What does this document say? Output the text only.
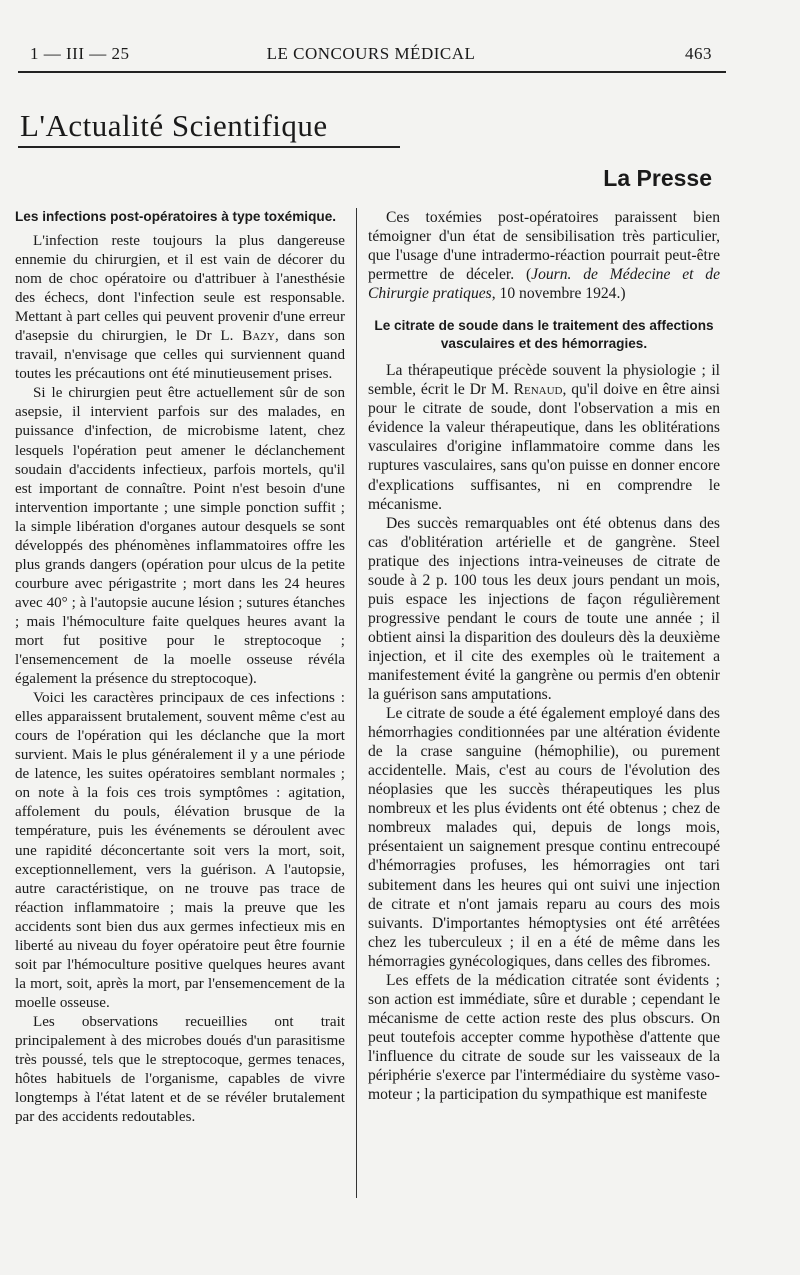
1 — III — 25	LE CONCOURS MÉDICAL	463
L'Actualité Scientifique
La Presse
Les infections post-opératoires à type toxémique.

L'infection reste toujours la plus dangereuse ennemie du chirurgien, et il est vain de décorer du nom de choc opératoire ou d'attribuer à l'anesthésie des échecs, dont l'infection seule est responsable. Mettant à part celles qui peuvent provenir d'une erreur d'asepsie du chirurgien, le Dr L. Bazy, dans son travail, n'envisage que celles qui surviennent quand toutes les précautions ont été minutieusement prises.

Si le chirurgien peut être actuellement sûr de son asepsie, il intervient parfois sur des malades, en puissance d'infection, de microbisme latent, chez lesquels l'opération peut amener le déclanchement soudain d'accidents infectieux, parfois mortels, qu'il est important de connaître. Point n'est besoin d'une intervention importante ; une simple ponction suffit ; la simple libération d'organes autour desquels se sont développés des phénomènes inflammatoires offre les plus grands dangers (opération pour ulcus de la petite courbure avec périgastrite ; mort dans les 24 heures avec 40° ; à l'autopsie aucune lésion ; sutures étanches ; mais l'hémoculture faite quelques heures avant la mort fut positive pour le streptocoque ; l'ensemencement de la moelle osseuse révéla également la présence du streptocoque).

Voici les caractères principaux de ces infections : elles apparaissent brutalement, souvent même c'est au cours de l'opération qui les déclanche que la mort survient. Mais le plus généralement il y a une période de latence, les suites opératoires semblant normales ; on note à la fois ces trois symptômes : agitation, affolement du pouls, élévation brusque de la température, puis les événements se déroulent avec une rapidité déconcertante soit vers la mort, soit, exceptionnellement, vers la guérison. A l'autopsie, autre caractéristique, on ne trouve pas trace de réaction inflammatoire ; mais la preuve que les accidents sont bien dus aux germes infectieux mis en liberté au niveau du foyer opératoire peut être fournie soit par l'hémoculture positive quelques heures avant la mort, soit, après la mort, par l'ensemencement de la moelle osseuse.

Les observations recueillies ont trait principalement à des microbes doués d'un parasitisme très poussé, tels que le streptocoque, germes tenaces, hôtes habituels de l'organisme, capables de vivre longtemps à l'état latent et de se révéler brutalement par des accidents redoutables.

Ces toxémies post-opératoires paraissent bien témoigner d'un état de sensibilisation très particulier, que l'usage d'une intradermo-réaction pourrait peut-être permettre de déceler. (Journ. de Médecine et de Chirurgie pratiques, 10 novembre 1924.)

Le citrate de soude dans le traitement des affections vasculaires et des hémorragies.

La thérapeutique précède souvent la physiologie ; il semble, écrit le Dr M. Renaud, qu'il doive en être ainsi pour le citrate de soude, dont l'observation a mis en évidence la valeur thérapeutique, dans les oblitérations vasculaires d'origine inflammatoire comme dans les ruptures vasculaires, sans qu'on puisse en donner encore d'explications suffisantes, ni en comprendre le mécanisme.

Des succès remarquables ont été obtenus dans des cas d'oblitération artérielle et de gangrène. Steel pratique des injections intra-veineuses de citrate de soude à 2 p. 100 tous les deux jours pendant un mois, puis espace les injections de façon régulièrement progressive pendant le cours de toute une année ; il obtient ainsi la disparition des douleurs dès la deuxième injection, et il cite des exemples où le traitement a manifestement évité la gangrène ou permis d'en obtenir la guérison sans amputations.

Le citrate de soude a été également employé dans des hémorrhagies conditionnées par une altération évidente de la crase sanguine (hémophilie), ou purement accidentelle. Mais, c'est au cours de l'évolution des néoplasies que les succès thérapeutiques les plus nombreux et les plus évidents ont été obtenus ; chez de nombreux malades qui, depuis de longs mois, présentaient un saignement presque continu entrecoupé d'hémorragies profuses, les hémorragies ont tari subitement dans les heures qui ont suivi une injection de citrate et n'ont jamais reparu au cours des mois suivants. D'importantes hémoptysies ont été arrêtées chez les tuberculeux ; il en a été de même dans les hémorragies gynécologiques, dans celles des fibromes.

Les effets de la médication citratée sont évidents ; son action est immédiate, sûre et durable ; cependant le mécanisme de cette action reste des plus obscurs. On peut toutefois accepter comme hypothèse d'attente que l'influence du citrate de soude sur les vaisseaux de la périphérie s'exerce par l'intermédiaire du système vaso-moteur ; la participation du sympathique est manifeste
